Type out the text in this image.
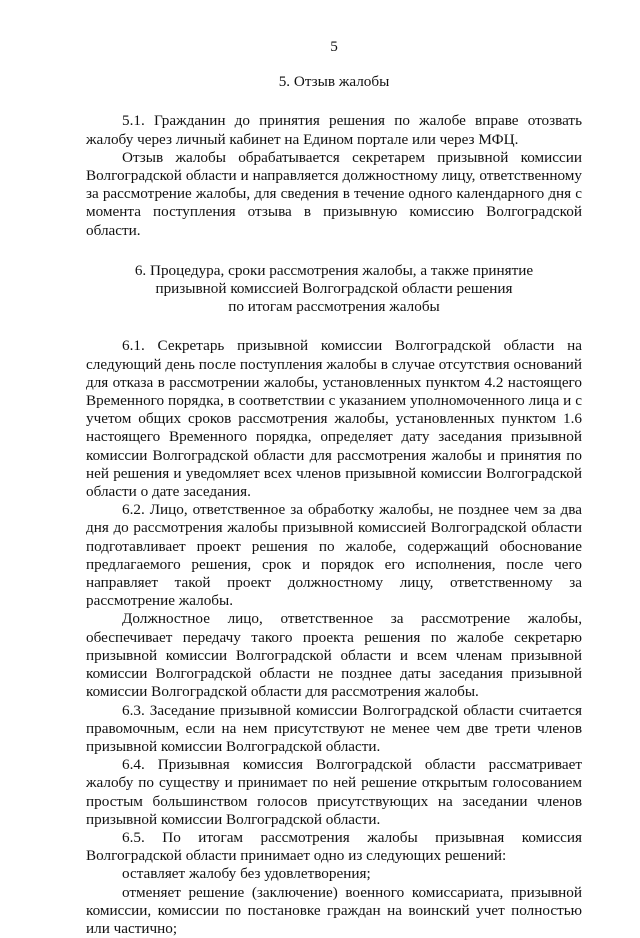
5
5. Отзыв жалобы

5.1. Гражданин до принятия решения по жалобе вправе отозвать жалобу через личный кабинет на Едином портале или через МФЦ.

Отзыв жалобы обрабатывается секретарем призывной комиссии Волгоградской области и направляется должностному лицу, ответственному за рассмотрение жалобы, для сведения в течение одного календарного дня с момента поступления отзыва в призывную комиссию Волгоградской области.

6. Процедура, сроки рассмотрения жалобы, а также принятие
призывной комиссией Волгоградской области решения
по итогам рассмотрения жалобы

6.1. Секретарь призывной комиссии Волгоградской области на следующий день после поступления жалобы в случае отсутствия оснований для отказа в рассмотрении жалобы, установленных пунктом 4.2 настоящего Временного порядка, в соответствии с указанием уполномоченного лица и с учетом общих сроков рассмотрения жалобы, установленных пунктом 1.6 настоящего Временного порядка, определяет дату заседания призывной комиссии Волгоградской области для рассмотрения жалобы и принятия по ней решения и уведомляет всех членов призывной комиссии Волгоградской области о дате заседания.

6.2. Лицо, ответственное за обработку жалобы, не позднее чем за два дня до рассмотрения жалобы призывной комиссией Волгоградской области подготавливает проект решения по жалобе, содержащий обоснование предлагаемого решения, срок и порядок его исполнения, после чего направляет такой проект должностному лицу, ответственному за рассмотрение жалобы.

Должностное лицо, ответственное за рассмотрение жалобы, обеспечивает передачу такого проекта решения по жалобе секретарю призывной комиссии Волгоградской области и всем членам призывной комиссии Волгоградской области не позднее даты заседания призывной комиссии Волгоградской области для рассмотрения жалобы.

6.3. Заседание призывной комиссии Волгоградской области считается правомочным, если на нем присутствуют не менее чем две трети членов призывной комиссии Волгоградской области.

6.4. Призывная комиссия Волгоградской области рассматривает жалобу по существу и принимает по ней решение открытым голосованием простым большинством голосов присутствующих на заседании членов призывной комиссии Волгоградской области.

6.5. По итогам рассмотрения жалобы призывная комиссия Волгоградской области принимает одно из следующих решений:

оставляет жалобу без удовлетворения;

отменяет решение (заключение) военного комиссариата, призывной комиссии, комиссии по постановке граждан на воинский учет полностью или частично;
